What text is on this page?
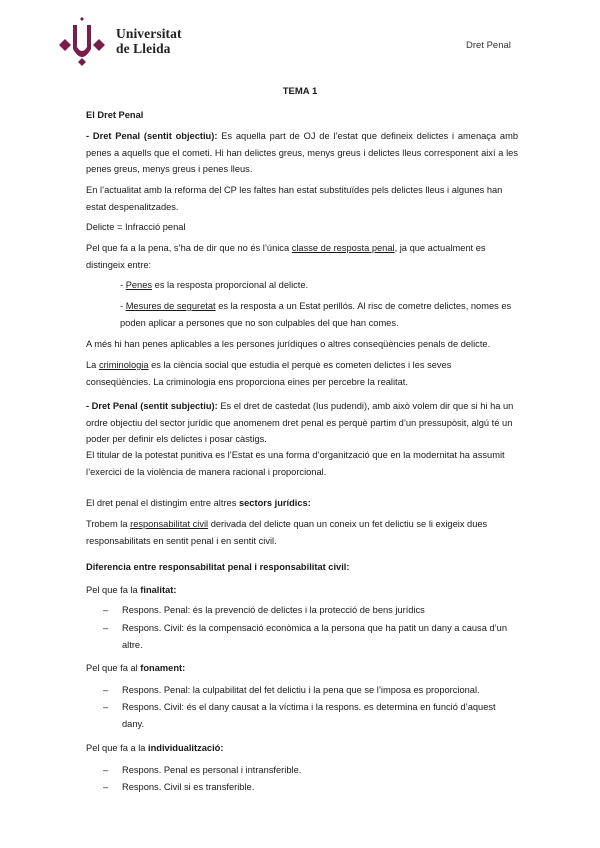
Universitat
de Lleida	Dret Penal
TEMA 1

El Dret Penal

- Dret Penal (sentit objectiu): Es aquella part de OJ de l’estat que defineix delictes i amenaça amb penes a aquells que el cometi. Hi han delictes greus, menys greus i delictes lleus corresponent així a les penes greus, menys greus i penes lleus.

En l’actualitat amb la reforma del CP les faltes han estat substituïdes pels delictes lleus i algunes han estat despenalitzades.

Delicte = Infracció penal

Pel que fa a la pena, s’ha de dir que no és l’única classe de resposta penal, ja que actualment es distingeix entre:

- Penes es la resposta proporcional al delicte.

- Mesures de seguretat es la resposta a un Estat perillós. Al risc de cometre delictes, nomes es poden aplicar a persones que no son culpables del que han comes.

A més hi han penes aplicables a les persones jurídiques o altres conseqüències penals de delicte.

La criminologia es la ciència social que estudia el perquè es cometen delictes i les seves conseqüències. La criminologia ens proporciona eines per percebre la realitat.

- Dret Penal (sentit subjectiu): Es el dret de castedat (Ius pudendi), amb això volem dir que si hi ha un ordre objectiu del sector jurídic que anomenem dret penal es perquè partim d’un pressupòsit, algú té un poder per definir els delictes i posar càstigs.

El titular de la potestat punitiva es l’Estat es una forma d’organització que en la modernitat ha assumit l’exercici de la violència de manera racional i proporcional.

El dret penal el distingim entre altres sectors jurídics:

Trobem la responsabilitat civil derivada del delicte quan un coneix un fet delictiu se li exigeix dues responsabilitats en sentit penal i en sentit civil.

Diferencia entre responsabilitat penal i responsabilitat civil:

Pel que fa la finalitat:

– Respons. Penal: és la prevenció de delictes i la protecció de bens jurídics

– Respons. Civil: és la compensació econòmica a la persona que ha patit un dany a causa d’un altre.

Pel que fa al fonament:

– Respons. Penal: la culpabilitat del fet delictiu i la pena que se l’imposa es proporcional.

– Respons. Civil: és el dany causat a la víctima i la respons. es determina en funció d’aquest dany.

Pel que fa a la individualització:

– Respons. Penal es personal i intransferible.

– Respons. Civil si es transferible.
